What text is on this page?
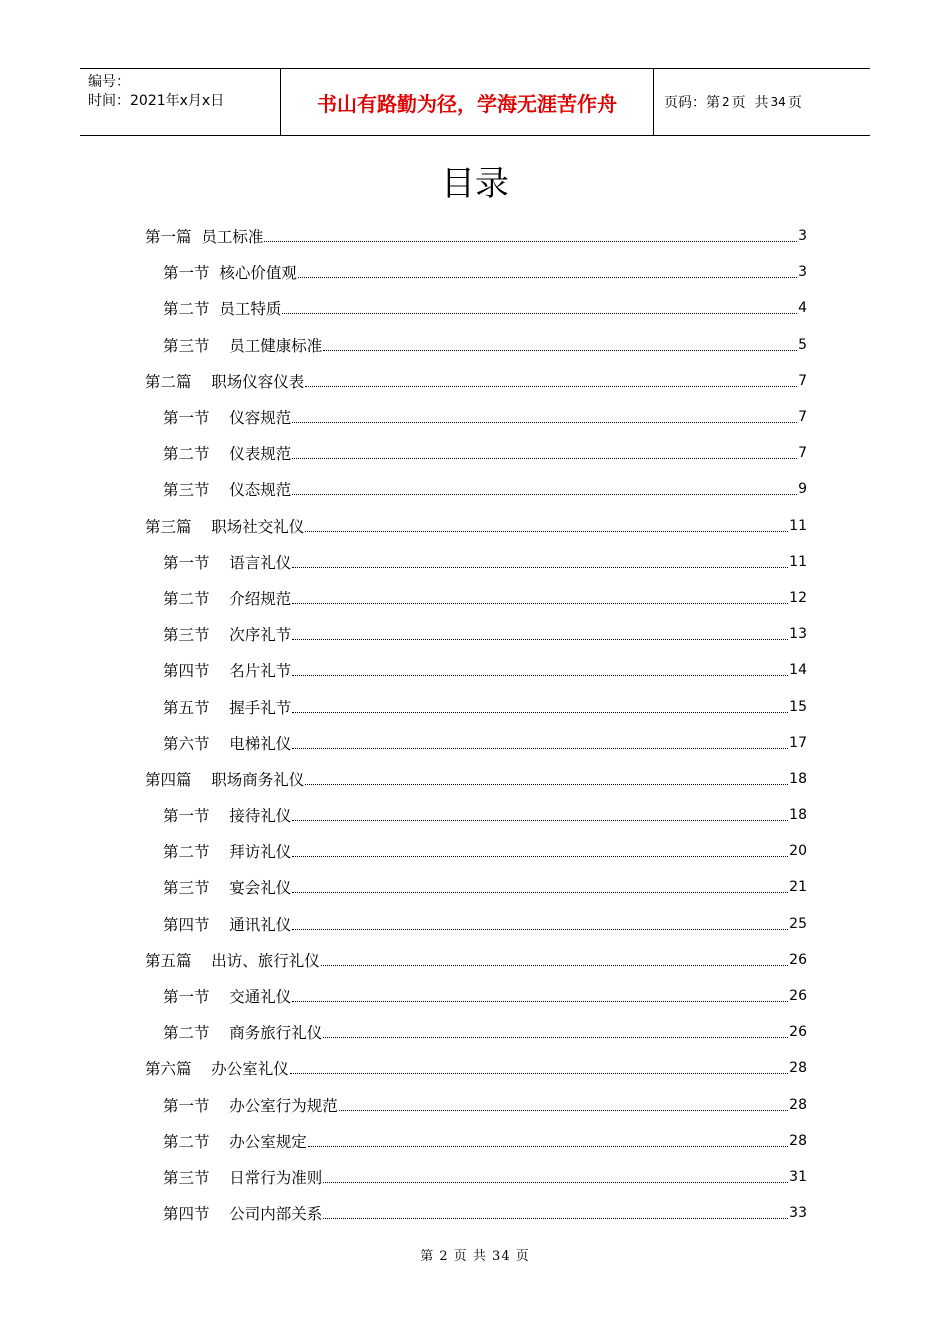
编号：
时间：2021年x月x日	书山有路勤为径，学海无涯苦作舟	页码：第 2 页  共 34 页
目录
第一篇  员工标准	3
第一节  核心价值观	3
第二节  员工特质	4
第三节    员工健康标准	5
第二篇    职场仪容仪表	7
第一节    仪容规范	7
第二节    仪表规范	7
第三节    仪态规范	9
第三篇    职场社交礼仪	11
第一节    语言礼仪	11
第二节    介绍规范	12
第三节    次序礼节	13
第四节    名片礼节	14
第五节    握手礼节	15
第六节    电梯礼仪	17
第四篇    职场商务礼仪	18
第一节    接待礼仪	18
第二节    拜访礼仪	20
第三节    宴会礼仪	21
第四节    通讯礼仪	25
第五篇    出访、旅行礼仪	26
第一节    交通礼仪	26
第二节    商务旅行礼仪	26
第六篇    办公室礼仪	28
第一节    办公室行为规范	28
第二节    办公室规定	28
第三节    日常行为准则	31
第四节    公司内部关系	33
第 2 页 共 34 页
